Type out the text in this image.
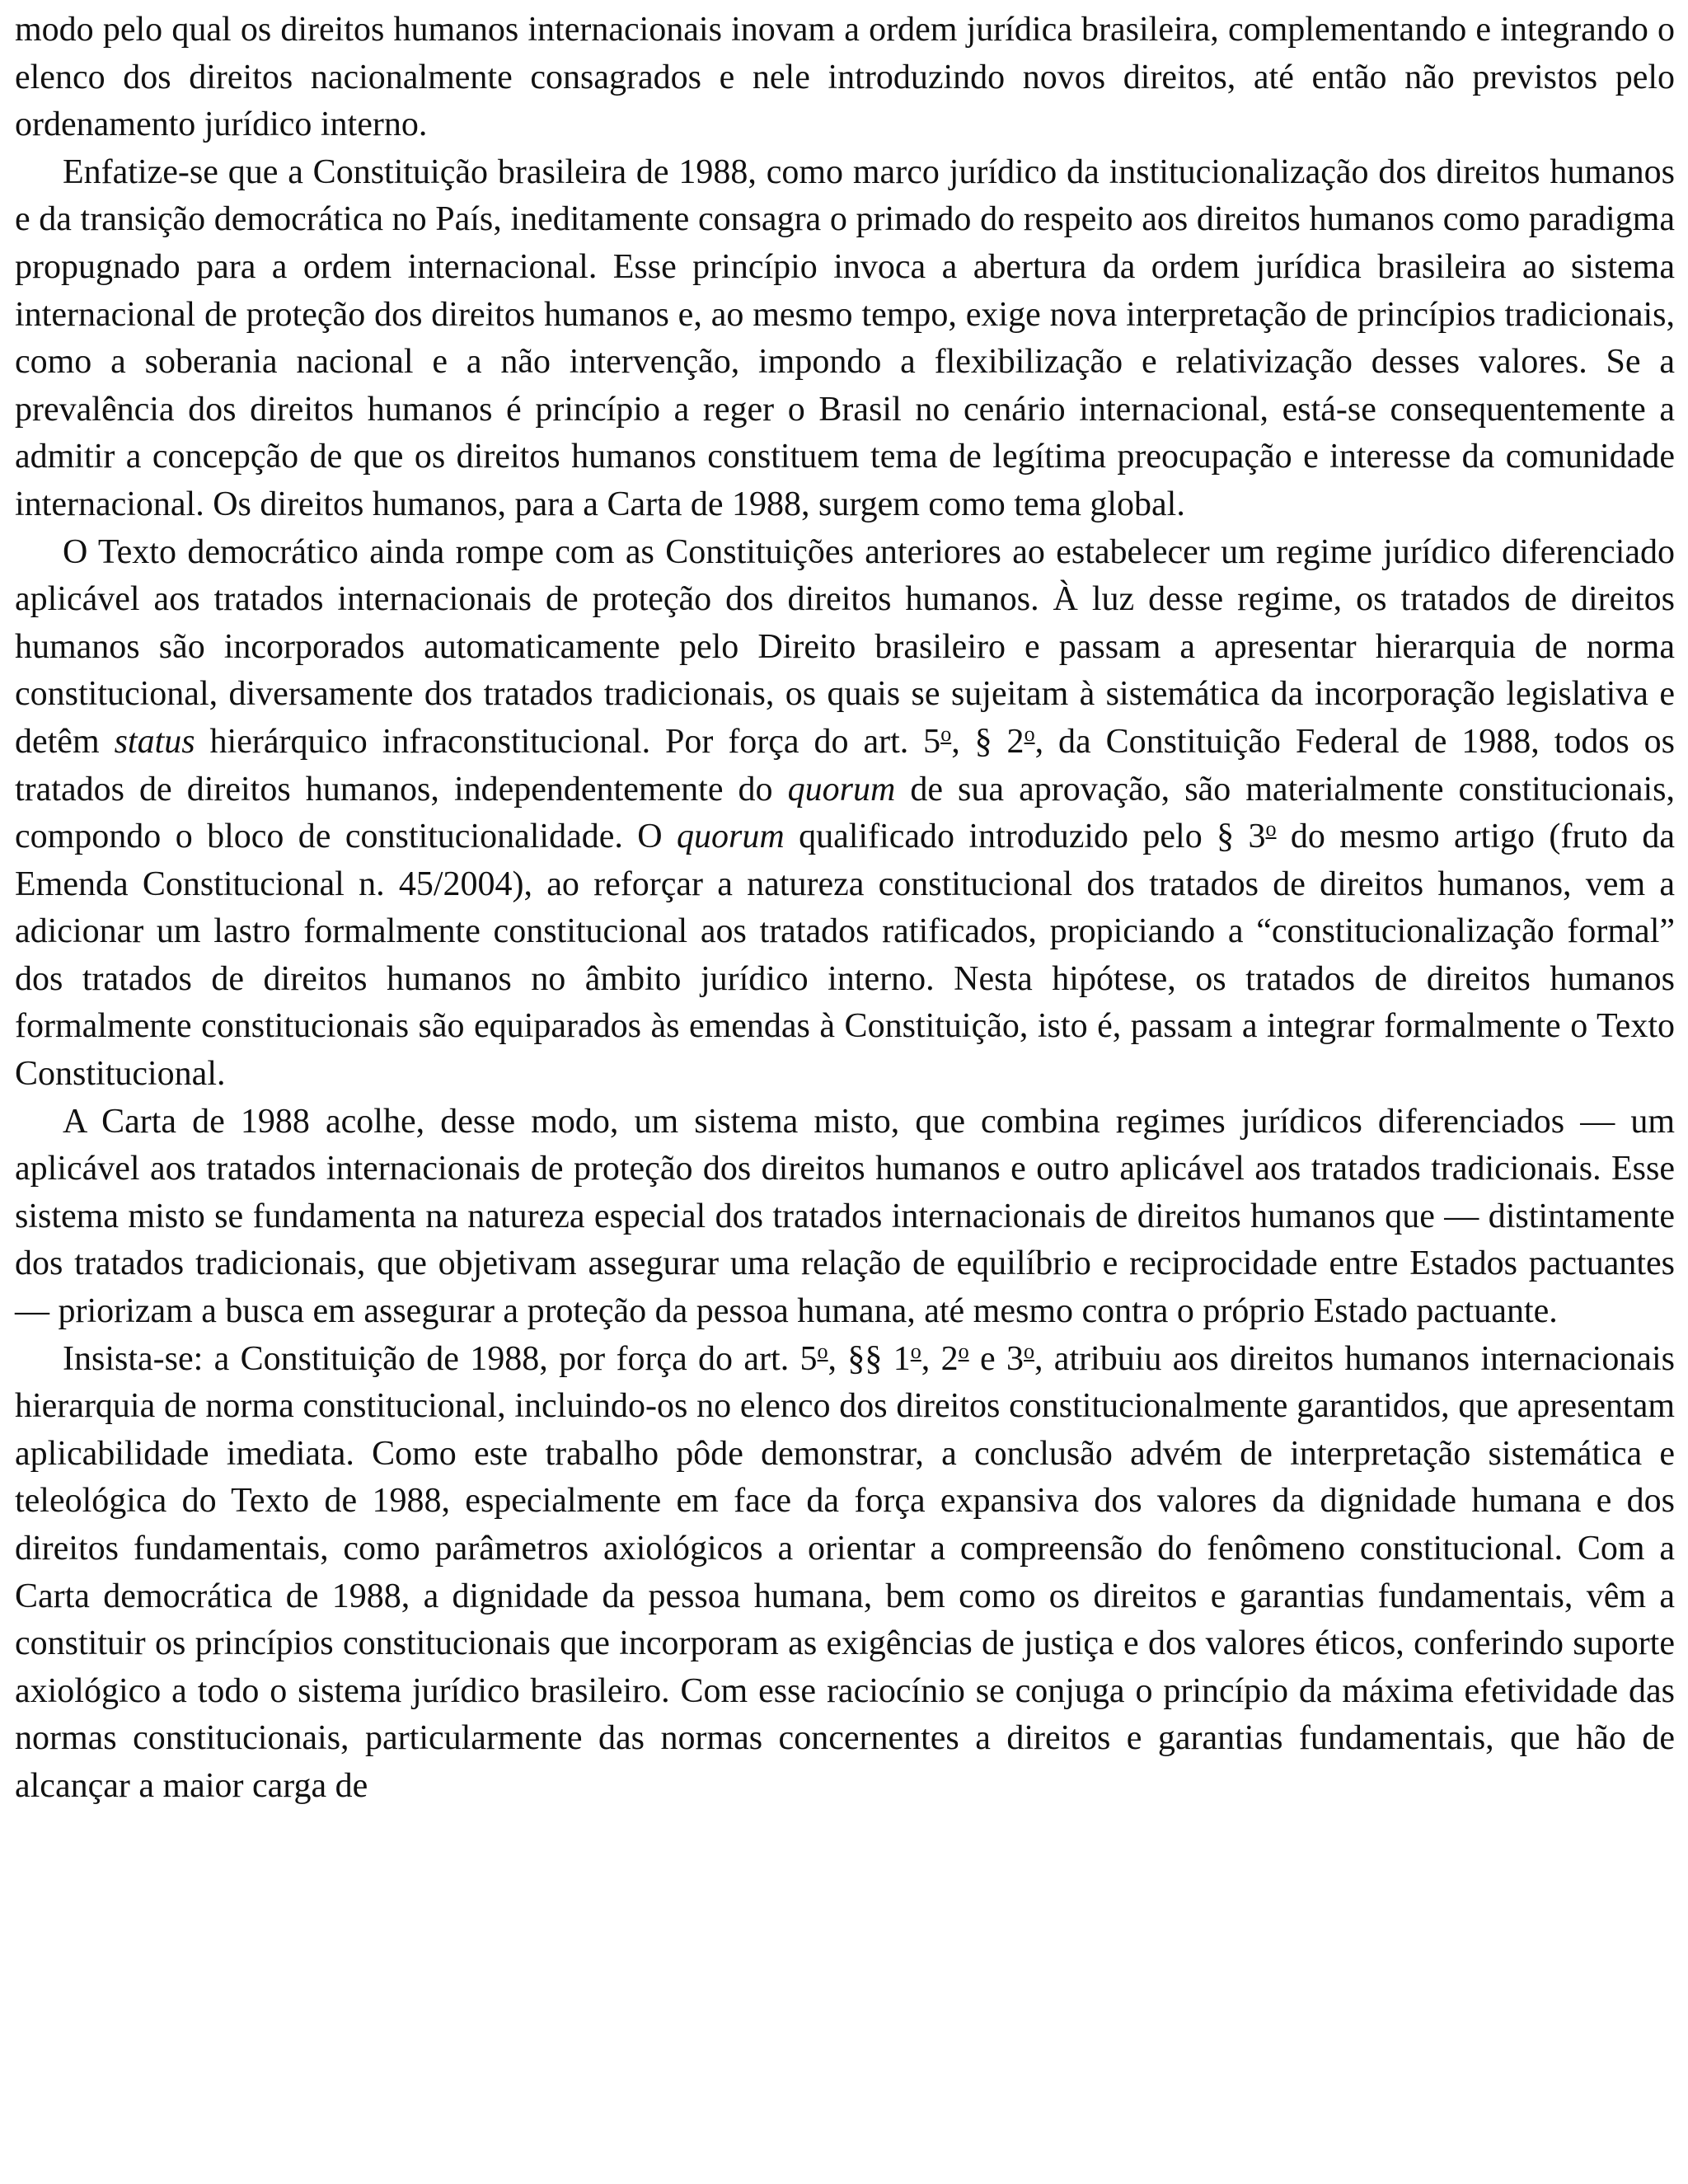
modo pelo qual os direitos humanos internacionais inovam a ordem jurídica brasileira, complementando e integrando o elenco dos direitos nacionalmente consagrados e nele introduzindo novos direitos, até então não previstos pelo ordenamento jurídico interno.

Enfatize-se que a Constituição brasileira de 1988, como marco jurídico da institucionalização dos direitos humanos e da transição democrática no País, ineditamente consagra o primado do respeito aos direitos humanos como paradigma propugnado para a ordem internacional. Esse princípio invoca a abertura da ordem jurídica brasileira ao sistema internacional de proteção dos direitos humanos e, ao mesmo tempo, exige nova interpretação de princípios tradicionais, como a soberania nacional e a não intervenção, impondo a flexibilização e relativização desses valores. Se a prevalência dos direitos humanos é princípio a reger o Brasil no cenário internacional, está-se consequentemente a admitir a concepção de que os direitos humanos constituem tema de legítima preocupação e interesse da comunidade internacional. Os direitos humanos, para a Carta de 1988, surgem como tema global.

O Texto democrático ainda rompe com as Constituições anteriores ao estabelecer um regime jurídico diferenciado aplicável aos tratados internacionais de proteção dos direitos humanos. À luz desse regime, os tratados de direitos humanos são incorporados automaticamente pelo Direito brasileiro e passam a apresentar hierarquia de norma constitucional, diversamente dos tratados tradicionais, os quais se sujeitam à sistemática da incorporação legislativa e detêm status hierárquico infraconstitucional. Por força do art. 5$^o$, § 2$^o$, da Constituição Federal de 1988, todos os tratados de direitos humanos, independentemente do quorum de sua aprovação, são materialmente constitucionais, compondo o bloco de constitucionalidade. O quorum qualificado introduzido pelo § 3$^o$ do mesmo artigo (fruto da Emenda Constitucional n. 45/2004), ao reforçar a natureza constitucional dos tratados de direitos humanos, vem a adicionar um lastro formalmente constitucional aos tratados ratificados, propiciando a “constitucionalização formal” dos tratados de direitos humanos no âmbito jurídico interno. Nesta hipótese, os tratados de direitos humanos formalmente constitucionais são equiparados às emendas à Constituição, isto é, passam a integrar formalmente o Texto Constitucional.

A Carta de 1988 acolhe, desse modo, um sistema misto, que combina regimes jurídicos diferenciados — um aplicável aos tratados internacionais de proteção dos direitos humanos e outro aplicável aos tratados tradicionais. Esse sistema misto se fundamenta na natureza especial dos tratados internacionais de direitos humanos que — distintamente dos tratados tradicionais, que objetivam assegurar uma relação de equilíbrio e reciprocidade entre Estados pactuantes — priorizam a busca em assegurar a proteção da pessoa humana, até mesmo contra o próprio Estado pactuante.

Insista-se: a Constituição de 1988, por força do art. 5$^o$, §§ 1$^o$, 2$^o$ e 3$^o$, atribuiu aos direitos humanos internacionais hierarquia de norma constitucional, incluindo-os no elenco dos direitos constitucionalmente garantidos, que apresentam aplicabilidade imediata. Como este trabalho pôde demonstrar, a conclusão advém de interpretação sistemática e teleológica do Texto de 1988, especialmente em face da força expansiva dos valores da dignidade humana e dos direitos fundamentais, como parâmetros axiológicos a orientar a compreensão do fenômeno constitucional. Com a Carta democrática de 1988, a dignidade da pessoa humana, bem como os direitos e garantias fundamentais, vêm a constituir os princípios constitucionais que incorporam as exigências de justiça e dos valores éticos, conferindo suporte axiológico a todo o sistema jurídico brasileiro. Com esse raciocínio se conjuga o princípio da máxima efetividade das normas constitucionais, particularmente das normas concernentes a direitos e garantias fundamentais, que hão de alcançar a maior carga de
